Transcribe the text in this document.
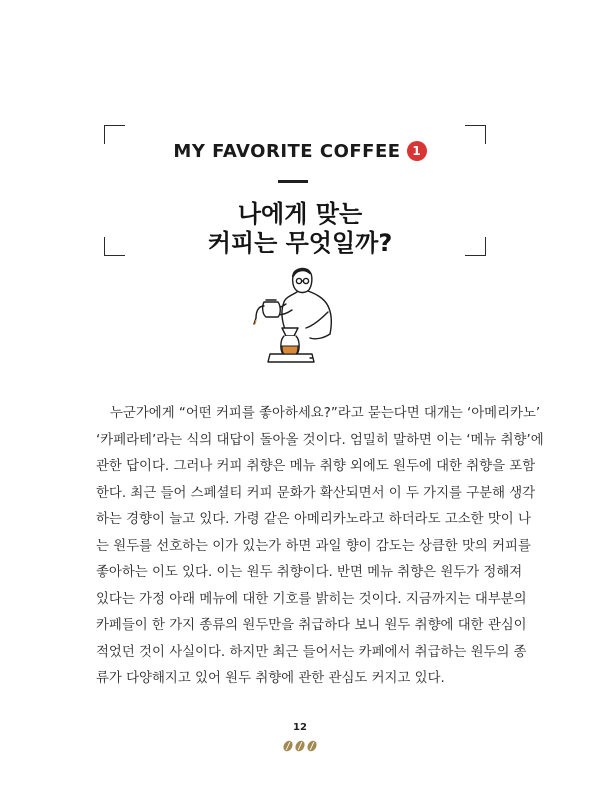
MY FAVORITE COFFEE 1
나에게 맞는
커피는 무엇일까?
누군가에게 “어떤 커피를 좋아하세요?”라고 묻는다면 대개는 ‘아메리카노’
‘카페라테’라는 식의 대답이 돌아올 것이다. 엄밀히 말하면 이는 ‘메뉴 취향’에
관한 답이다. 그러나 커피 취향은 메뉴 취향 외에도 원두에 대한 취향을 포함
한다. 최근 들어 스페셜티 커피 문화가 확산되면서 이 두 가지를 구분해 생각
하는 경향이 늘고 있다. 가령 같은 아메리카노라고 하더라도 고소한 맛이 나
는 원두를 선호하는 이가 있는가 하면 과일 향이 감도는 상큼한 맛의 커피를
좋아하는 이도 있다. 이는 원두 취향이다. 반면 메뉴 취향은 원두가 정해져
있다는 가정 아래 메뉴에 대한 기호를 밝히는 것이다. 지금까지는 대부분의
카페들이 한 가지 종류의 원두만을 취급하다 보니 원두 취향에 대한 관심이
적었던 것이 사실이다. 하지만 최근 들어서는 카페에서 취급하는 원두의 종
류가 다양해지고 있어 원두 취향에 관한 관심도 커지고 있다.
12
